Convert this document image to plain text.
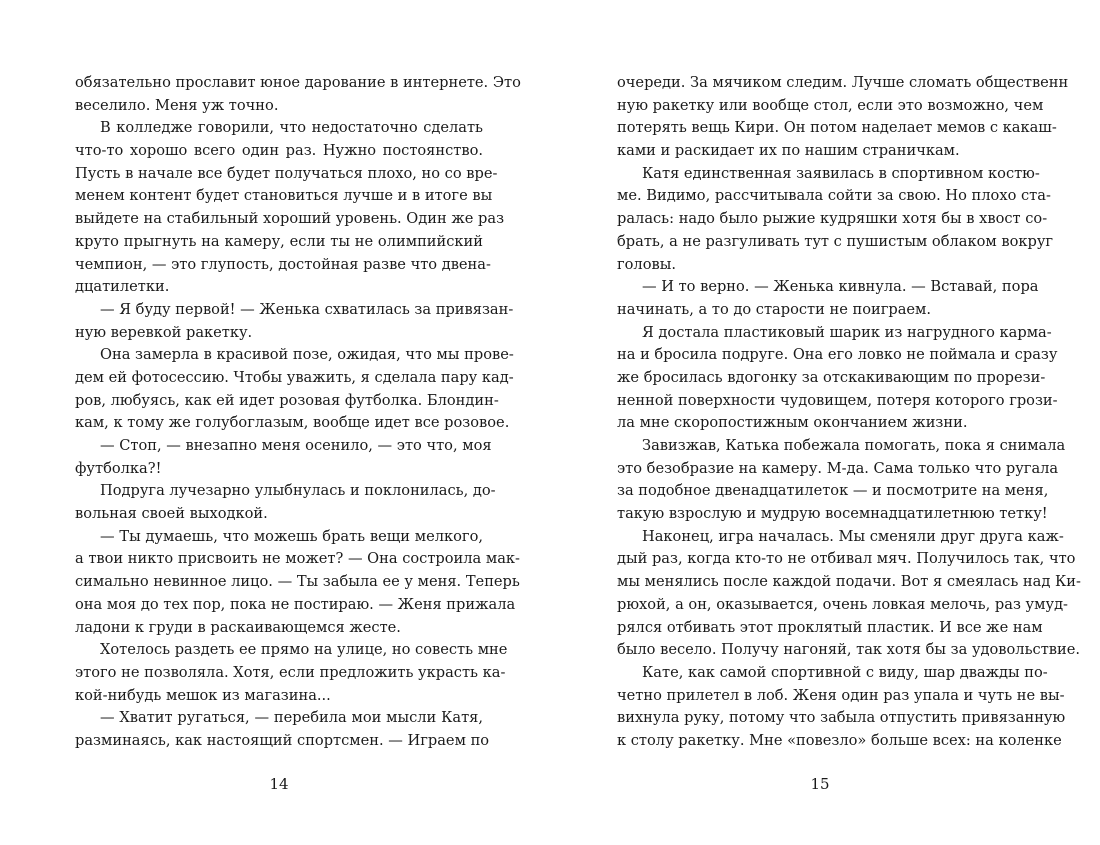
обязательно прославит юное дарование в интернете. Это
веселило. Меня уж точно.
В колледже говорили, что недостаточно сделать
что-то хорошо всего один раз. Нужно постоянство.
Пусть в начале все будет получаться плохо, но со вре-
менем контент будет становиться лучше и в итоге вы
выйдете на стабильный хороший уровень. Один же раз
круто прыгнуть на камеру, если ты не олимпийский
чемпион, — это глупость, достойная разве что двена-
дцатилетки.
— Я буду первой! — Женька схватилась за привязан-
ную веревкой ракетку.
Она замерла в красивой позе, ожидая, что мы прове-
дем ей фотосессию. Чтобы уважить, я сделала пару кад-
ров, любуясь, как ей идет розовая футболка. Блондин-
кам, к тому же голубоглазым, вообще идет все розовое.
— Стоп, — внезапно меня осенило, — это что, моя
футболка?!
Подруга лучезарно улыбнулась и поклонилась, до-
вольная своей выходкой.
— Ты думаешь, что можешь брать вещи мелкого,
а твои никто присвоить не может? — Она состроила мак-
симально невинное лицо. — Ты забыла ее у меня. Теперь
она моя до тех пор, пока не постираю. — Женя прижала
ладони к груди в раскаивающемся жесте.
Хотелось раздеть ее прямо на улице, но совесть мне
этого не позволяла. Хотя, если предложить украсть ка-
кой-нибудь мешок из магазина...
— Хватит ругаться, — перебила мои мысли Катя,
разминаясь, как настоящий спортсмен. — Играем по
14
очереди. За мячиком следим. Лучше сломать общественн
ную ракетку или вообще стол, если это возможно, чем
потерять вещь Кири. Он потом наделает мемов с какаш-
ками и раскидает их по нашим страничкам.
Катя единственная заявилась в спортивном костю-
ме. Видимо, рассчитывала сойти за свою. Но плохо ста-
ралась: надо было рыжие кудряшки хотя бы в хвост со-
брать, а не разгуливать тут с пушистым облаком вокруг
головы.
— И то верно. — Женька кивнула. — Вставай, пора
начинать, а то до старости не поиграем.
Я достала пластиковый шарик из нагрудного карма-
на и бросила подруге. Она его ловко не поймала и сразу
же бросилась вдогонку за отскакивающим по прорези-
ненной поверхности чудовищем, потеря которого грози-
ла мне скоропостижным окончанием жизни.
Завизжав, Катька побежала помогать, пока я снимала
это безобразие на камеру. М-да. Сама только что ругала
за подобное двенадцатилеток — и посмотрите на меня,
такую взрослую и мудрую восемнадцатилетнюю тетку!
Наконец, игра началась. Мы сменяли друг друга каж-
дый раз, когда кто-то не отбивал мяч. Получилось так, что
мы менялись после каждой подачи. Вот я смеялась над Ки-
рюхой, а он, оказывается, очень ловкая мелочь, раз умуд-
рялся отбивать этот проклятый пластик. И все же нам
было весело. Получу нагоняй, так хотя бы за удовольствие.
Кате, как самой спортивной с виду, шар дважды по-
четно прилетел в лоб. Женя один раз упала и чуть не вы-
вихнула руку, потому что забыла отпустить привязанную
к столу ракетку. Мне «повезло» больше всех: на коленке
15
